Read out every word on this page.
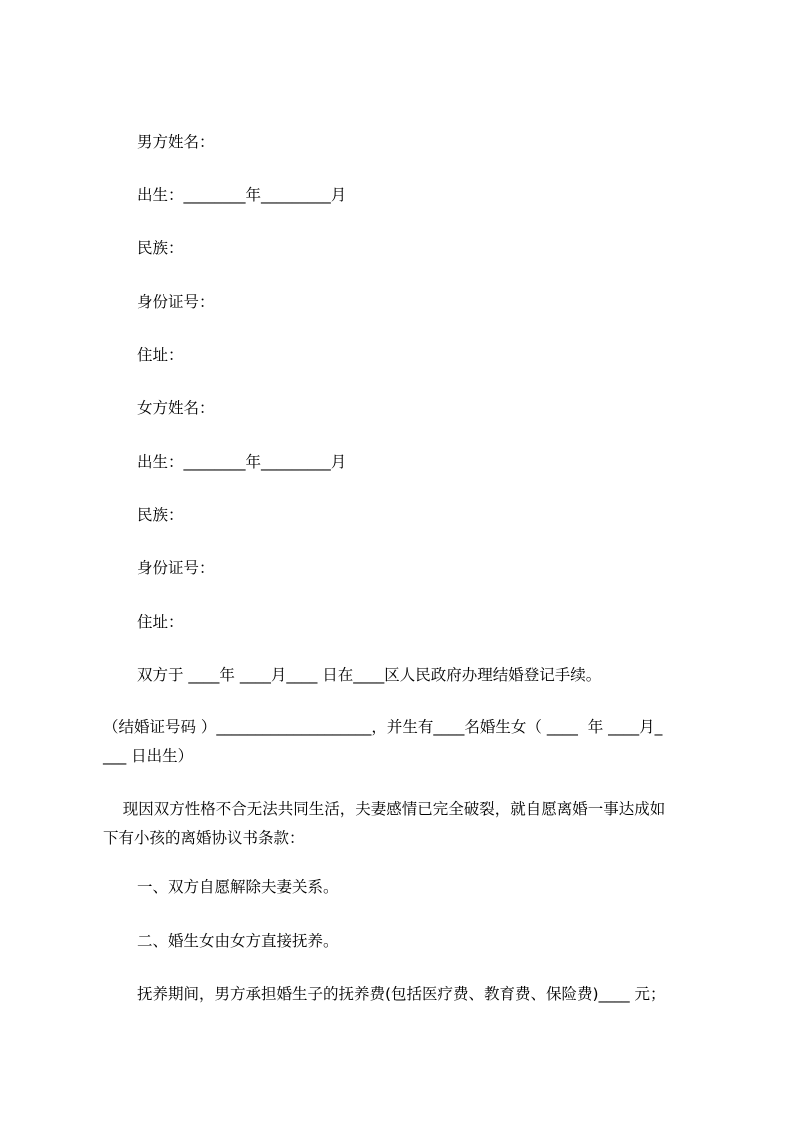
男方姓名：

出生：________年_________月

民族：

身份证号：

住址：

女方姓名：

出生：________年_________月

民族：

身份证号：

住址：

双方于 ____年 ____月____ 日在____区人民政府办理结婚登记手续。

（结婚证号码 ）____________________，并生有____名婚生女（ ____  年 ____月_
___ 日出生）

现因双方性格不合无法共同生活，夫妻感情已完全破裂，就自愿离婚一事达成如
下有小孩的离婚协议书条款：

一、双方自愿解除夫妻关系。

二、婚生女由女方直接抚养。

抚养期间，男方承担婚生子的抚养费(包括医疗费、教育费、保险费)____ 元；
